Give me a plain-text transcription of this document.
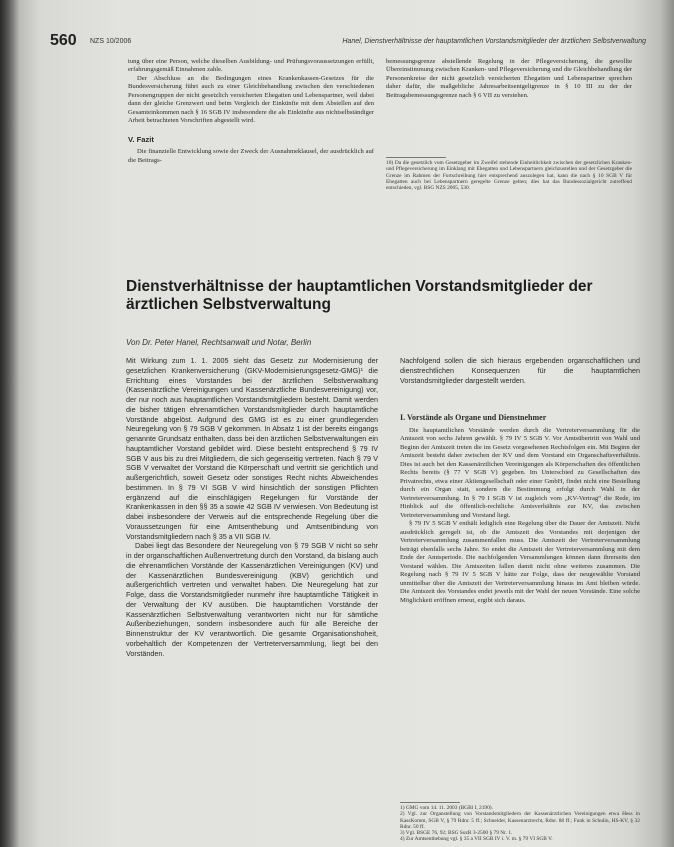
560 NZS 10/2006	Hanel, Dienstverhältnisse der hauptamtlichen Vorstandsmitglieder der ärztlichen Selbstverwaltung

tung über eine Person, welche dieselben Ausbildung- und Prüfungsvoraussetzungen erfüllt, erfahrungsgemäß Einnahmen zahle.

Der Abschluss an die Bedingungen eines Krankenkassen-Gesetzes für die Bundesversicherung führt auch zu einer Gleichbehandlung zwischen den verschiedenen Personengruppen der nicht gesetzlich versicherten Ehegatten und Lebenspartner, weil dabei dann der gleiche Grenzwert und beim Vergleich der Einkünfte mit dem Abstellen auf den Gesamteinkommen nach § 16 SGB IV insbesondere die als Einkünfte aus nichtselbständiger Arbeit betrachteten Vorschriften abgestellt wird.

V. Fazit

Die finanzielle Entwicklung sowie der Zweck der Ausnahmeklausel, der ausdrücklich auf die Beitrags-

bemessungsgrenze abstellende Regelung in der Pflegeversicherung, die gewollte Übereinstimmung zwischen Kranken- und Pflegeversicherung und die Gleichbehandlung der Personenkreise der nicht gesetzlich versicherten Ehegatten und Lebenspartner sprechen daher dafür, die maßgebliche Jahresarbeitsentgeltgrenze in § 10 III zu der der Beitragsbemessungsgrenze nach § 6 VII zu verstehen.

10) Da die gesetzlich vom Gesetzgeber im Zweifel stehende Einheitlichkeit zwischen der gesetzlichen Kranken- und Pflegeversicherung im Einklang mit Ehegatten und Lebenspartnern gleichzustellen und der Gesetzgeber die Grenze im Rahmen der Fortschreibung hier entsprechend auszulegen hat, kann die nach § 10 SGB V für Ehegatten auch bei Lebenspartnern geregelte Grenze gelten; dies hat das Bundessozialgericht zutreffend entschieden, vgl. BSG NZS 2005, 530.

Dienstverhältnisse der hauptamtlichen Vorstandsmitglieder der ärztlichen Selbstverwaltung
Von Dr. Peter Hanel, Rechtsanwalt und Notar, Berlin

Mit Wirkung zum 1. 1. 2005 sieht das Gesetz zur Modernisierung der gesetzlichen Krankenversicherung (GKV-Modernisierungsgesetz-GMG)¹ die Errichtung eines Vorstandes bei der ärztlichen Selbstverwaltung (Kassenärztliche Vereinigungen und Kassenärztliche Bundesvereinigung) vor, der nur noch aus hauptamtlichen Vorstandsmitgliedern besteht. Damit werden die bisher tätigen ehrenamtlichen Vorstandsmitglieder durch hauptamtliche Vorstände abgelöst. Aufgrund des GMG ist es zu einer grundlegenden Neuregelung von § 79 SGB V gekommen. In Absatz 1 ist der bereits eingangs genannte Grundsatz enthalten, dass bei den ärztlichen Selbstverwaltungen ein hauptamtlicher Vorstand gebildet wird. Diese besteht entsprechend § 79 IV SGB V aus bis zu drei Mitgliedern, die sich gegenseitig vertreten. Nach § 79 V SGB V verwaltet der Vorstand die Körperschaft und vertritt sie gerichtlich und außergerichtlich, soweit Gesetz oder sonstiges Recht nichts Abweichendes bestimmen. In § 79 VI SGB V wird hinsichtlich der sonstigen Pflichten ergänzend auf die einschlägigen Regelungen für Vorstände der Krankenkassen in den §§ 35 a sowie 42 SGB IV verwiesen. Von Bedeutung ist dabei insbesondere der Verweis auf die entsprechende Regelung über die Voraussetzungen für eine Amtsenthebung und Amtsentbindung von Vorstandsmitgliedern nach § 35 a VII SGB IV.

Dabei liegt das Besondere der Neuregelung von § 79 SGB V nicht so sehr in der organschaftlichen Außenvertretung durch den Vorstand, da bislang auch die ehrenamtlichen Vorstände der Kassenärztlichen Vereinigungen (KV) und der Kassenärztlichen Bundesvereinigung (KBV) gerichtlich und außergerichtlich vertreten und verwaltet haben. Die Neuregelung hat zur Folge, dass die Vorstandsmitglieder nunmehr ihre hauptamtliche Tätigkeit in der Verwaltung der KV ausüben. Die hauptamtlichen Vorstände der Kassenärztlichen Selbstverwaltung verantworten nicht nur für sämtliche Außenbeziehungen, sondern insbesondere auch für alle Bereiche der Binnenstruktur der KV verantwortlich. Die gesamte Organisationshoheit, vorbehaltlich der Kompetenzen der Vertreterversammlung, liegt bei den Vorständen.

Nachfolgend sollen die sich hieraus ergebenden organschaftlichen und dienstrechtlichen Konsequenzen für die hauptamtlichen Vorstandsmitglieder dargestellt werden.
I. Vorstände als Organe und Dienstnehmer

Die hauptamtlichen Vorstände werden durch die Vertreterversammlung für die Amtszeit von sechs Jahren gewählt. § 79 IV 5 SGB V. Vor Amtsübertritt von Wahl und Beginn der Amtszeit treten die im Gesetz vorgesehenen Rechtsfolgen ein. Mit Beginn der Amtszeit besteht daher zwischen der KV und dem Vorstand ein Organschaftsverhältnis. Dies ist auch bei den Kassenärztlichen Vereinigungen als Körperschaften des öffentlichen Rechts bereits (§ 77 V SGB V) gegeben. Im Unterschied zu Gesellschaften des Privatrechts, etwa einer Aktiengesellschaft oder einer GmbH, findet nicht eine Bestellung durch ein Organ statt, sondern die Bestimmung erfolgt durch Wahl in der Vertreterversammlung. In § 79 I SGB V ist zugleich vom „KV-Vertrag“ die Rede, im Hinblick auf die öffentlich-rechtliche Amtsverhältnis zur KV, das zwischen Vertreterversammlung und Vorstand liegt.

§ 79 IV 5 SGB V enthält lediglich eine Regelung über die Dauer der Amtszeit. Nicht ausdrücklich geregelt ist, ob die Amtszeit des Vorstandes mit derjenigen der Vertreterversammlung zusammenfallen muss. Die Amtszeit der Vertreterversammlung beträgt ebenfalls sechs Jahre. So endet die Amtszeit der Vertreterversammlung mit dem Ende der Amtsperiode. Die nachfolgenden Versammlungen können dann ihrerseits den Vorstand wählen. Die Amtszeiten fallen damit nicht ohne weiteres zusammen. Die Regelung nach § 79 IV 5 SGB V hätte zur Folge, dass der neugewählte Vorstand unmittelbar über die Amtszeit der Vertreterversammlung hinaus im Amt bleiben würde. Die Amtszeit des Vorstandes endet jeweils mit der Wahl der neuen Vorstände. Eine solche Möglichkeit eröffnen erneut, ergibt sich daraus.

1) GMG vom 14. 11. 2003 (BGBl I, 2190).

2) Vgl. zur Organstellung von Vorstandsmitgliedern der Kassenärztlichen Vereinigungen etwa Hess in KassKomm, SGB V, § 79 Rdnr. 5 ff.; Schneider, Kassenarztrecht, Rdnr. 88 ff.; Funk in Schulin, HS-KV, § 32 Rdnr. 50 ff.

3) Vgl. BSGE 76, 92; BSG SozR 3-2500 § 79 Nr. 1.

4) Zur Amtsenthebung vgl. § 35 a VII SGB IV i. V. m. § 79 VI SGB V.
